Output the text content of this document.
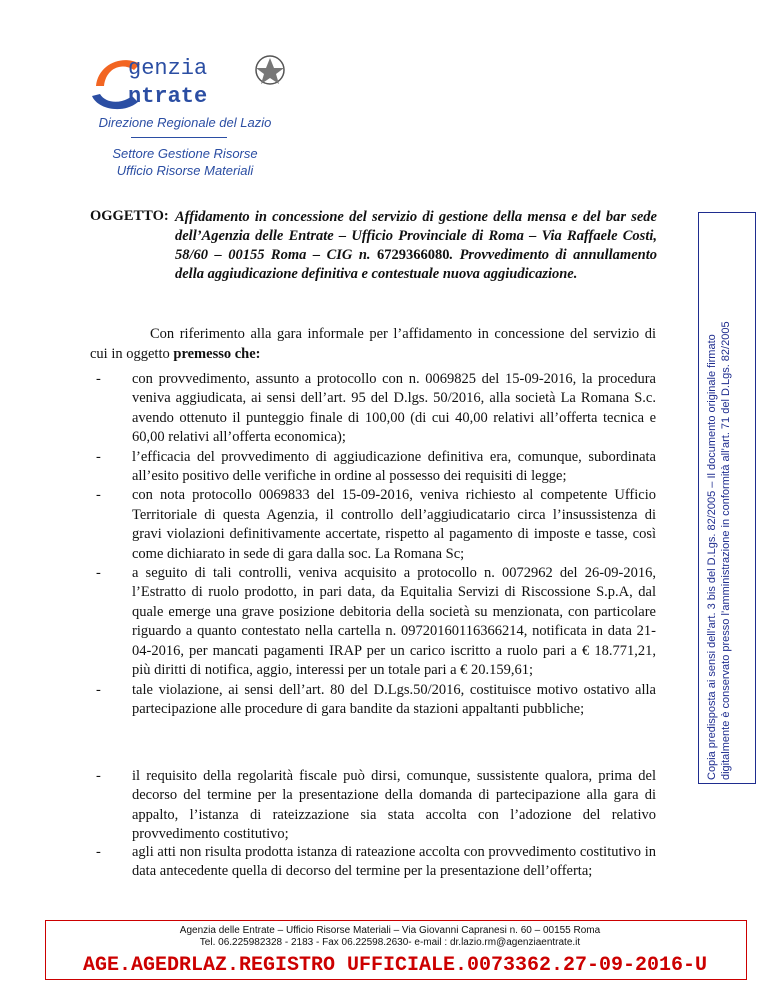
genzia
ntrate
Direzione Regionale del Lazio
Settore Gestione Risorse
Ufficio Risorse Materiali
OGGETTO: Affidamento in concessione del servizio di gestione della mensa e del bar sede dell’Agenzia delle Entrate – Ufficio Provinciale di Roma – Via Raffaele Costi, 58/60 – 00155 Roma – CIG n. 6729366080. Provvedimento di annullamento della aggiudicazione definitiva e contestuale nuova aggiudicazione.

Con riferimento alla gara informale per l’affidamento in concessione del servizio di cui in oggetto premesso che:

- con provvedimento, assunto a protocollo con n. 0069825 del 15-09-2016, la procedura veniva aggiudicata, ai sensi dell’art. 95 del D.lgs. 50/2016, alla società La Romana S.c. avendo ottenuto il punteggio finale di 100,00 (di cui 40,00 relativi all’offerta tecnica e 60,00 relativi all’offerta economica);
- l’efficacia del provvedimento di aggiudicazione definitiva era, comunque, subordinata all’esito positivo delle verifiche in ordine al possesso dei requisiti di legge;
- con nota protocollo 0069833 del 15-09-2016, veniva richiesto al competente Ufficio Territoriale di questa Agenzia, il controllo dell’aggiudicatario circa l’insussistenza di gravi violazioni definitivamente accertate, rispetto al pagamento di imposte e tasse, così come dichiarato in sede di gara dalla soc. La Romana Sc;
- a seguito di tali controlli, veniva acquisito a protocollo n. 0072962 del 26-09-2016, l’Estratto di ruolo prodotto, in pari data, da Equitalia Servizi di Riscossione S.p.A, dal quale emerge una grave posizione debitoria della società su menzionata, con particolare riguardo a quanto contestato nella cartella n. 09720160116366214, notificata in data 21-04-2016, per mancati pagamenti IRAP per un carico iscritto a ruolo pari a € 18.771,21, più diritti di notifica, aggio, interessi per un totale pari a € 20.159,61;
- tale violazione, ai sensi dell’art. 80 del D.Lgs.50/2016, costituisce motivo ostativo alla partecipazione alle procedure di gara bandite da stazioni appaltanti pubbliche;
- il requisito della regolarità fiscale può dirsi, comunque, sussistente qualora, prima del decorso del termine per la presentazione della domanda di partecipazione alla gara di appalto, l’istanza di rateizzazione sia stata accolta con l’adozione del relativo provvedimento costitutivo;
- agli atti non risulta prodotta istanza di rateazione accolta con provvedimento costitutivo in data antecedente quella di decorso del termine per la presentazione dell’offerta;
Copia predisposta ai sensi dell’art. 3 bis del D.Lgs. 82/2005 – Il documento originale firmato digitalmente è conservato presso l’amministrazione in conformità all’art. 71 del D.Lgs. 82/2005
Agenzia delle Entrate – Ufficio Risorse Materiali – Via Giovanni Capranesi n. 60 – 00155 Roma
Tel. 06.225982328 - 2183 - Fax 06.22598.2630- e-mail : dr.lazio.rm@agenziaentrate.it
AGE.AGEDRLAZ.REGISTRO UFFICIALE.0073362.27-09-2016-U
